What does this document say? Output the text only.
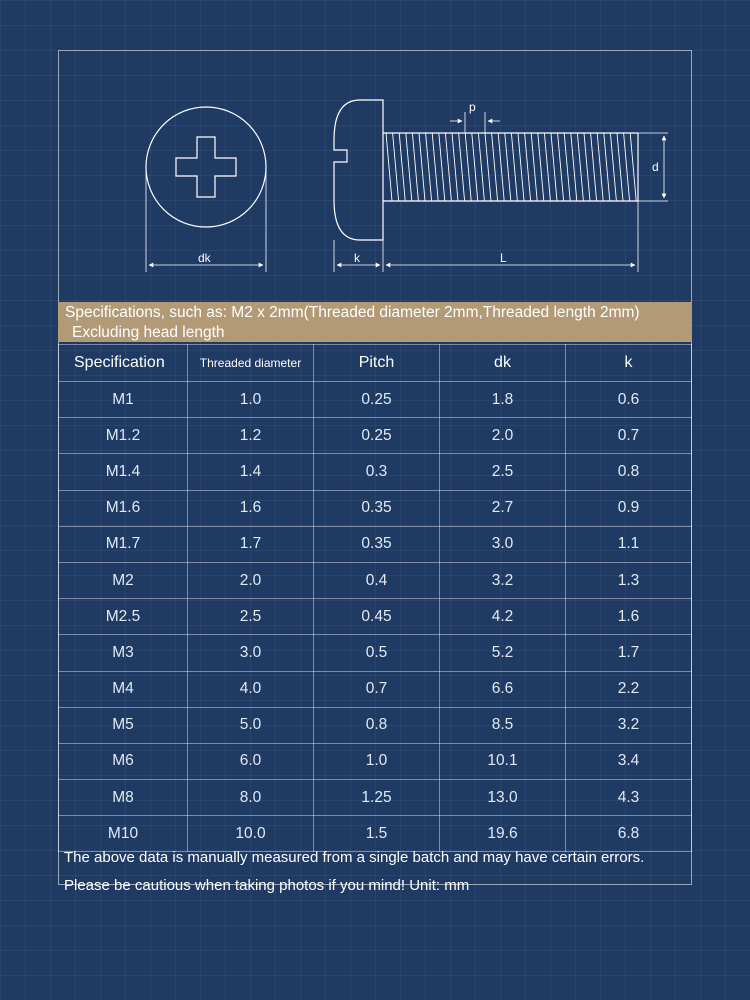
dk	k	L
p
d
Specifications, such as: M2 x 2mm(Threaded diameter 2mm,Threaded length 2mm)
Excluding head length
Specification	Threaded diameter	Pitch	dk	k
M1	1.0	0.25	1.8	0.6
M1.2	1.2	0.25	2.0	0.7
M1.4	1.4	0.3	2.5	0.8
M1.6	1.6	0.35	2.7	0.9
M1.7	1.7	0.35	3.0	1.1
M2	2.0	0.4	3.2	1.3
M2.5	2.5	0.45	4.2	1.6
M3	3.0	0.5	5.2	1.7
M4	4.0	0.7	6.6	2.2
M5	5.0	0.8	8.5	3.2
M6	6.0	1.0	10.1	3.4
M8	8.0	1.25	13.0	4.3
M10	10.0	1.5	19.6	6.8
The above data is manually measured from a single batch and may have certain errors.
Please be cautious when taking photos if you mind! Unit: mm
